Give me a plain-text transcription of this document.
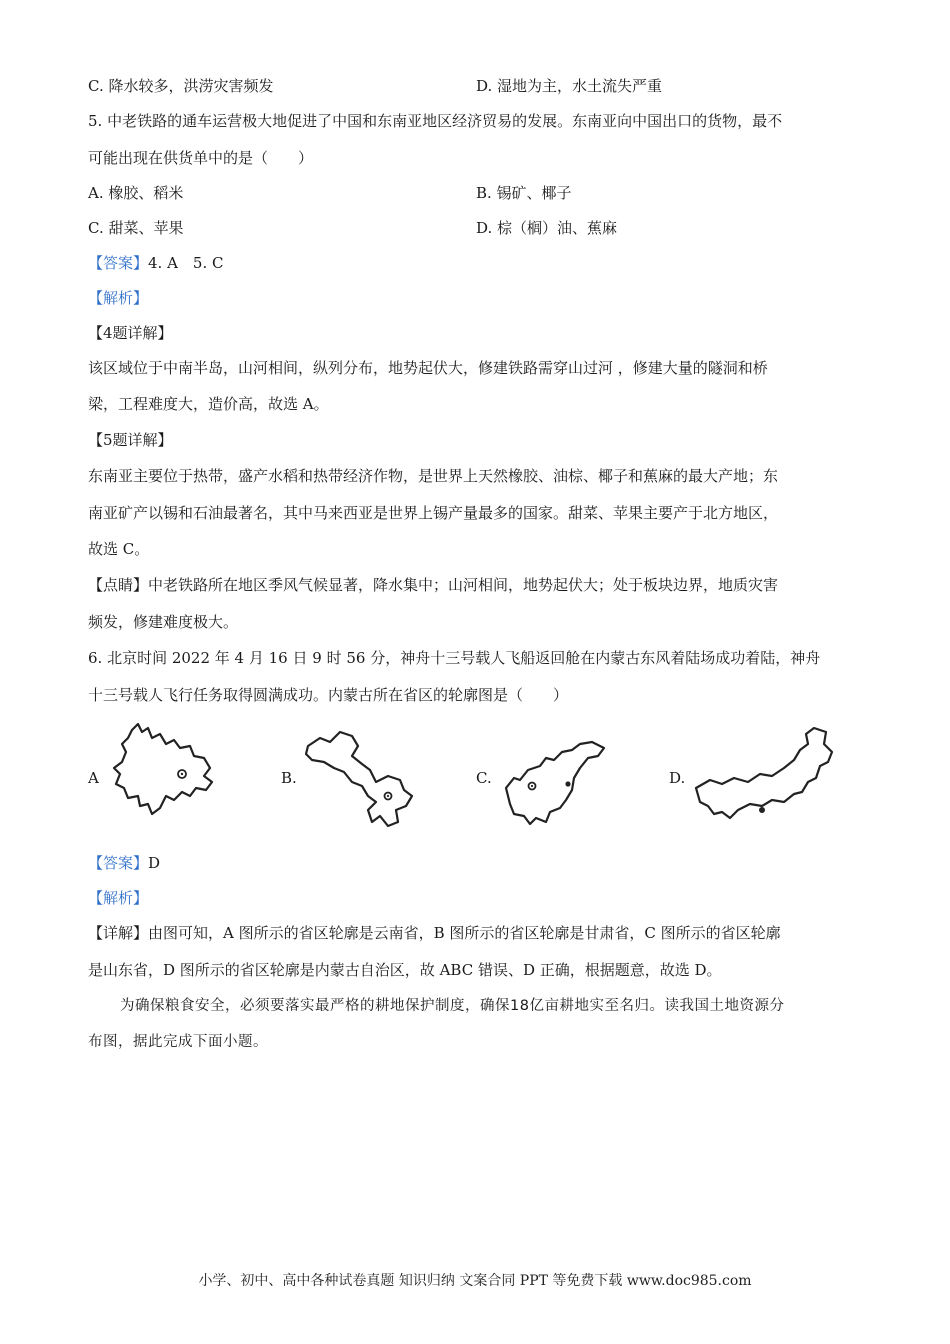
C. 降水较多，洪涝灾害频发	D. 湿地为主，水土流失严重
5. 中老铁路的通车运营极大地促进了中国和东南亚地区经济贸易的发展。东南亚向中国出口的货物，最不
可能出现在供货单中的是（　　）
A. 橡胶、稻米	B. 锡矿、椰子
C. 甜菜、苹果	D. 棕（榈）油、蕉麻
【答案】4. A　5. C
【解析】
【4题详解】
该区域位于中南半岛，山河相间，纵列分布，地势起伏大，修建铁路需穿山过河 ，修建大量的隧洞和桥
梁，工程难度大，造价高，故选 A。
【5题详解】
东南亚主要位于热带，盛产水稻和热带经济作物，是世界上天然橡胶、油棕、椰子和蕉麻的最大产地；东
南亚矿产以锡和石油最著名，其中马来西亚是世界上锡产量最多的国家。甜菜、苹果主要产于北方地区，
故选 C。
【点睛】中老铁路所在地区季风气候显著，降水集中；山河相间，地势起伏大；处于板块边界，地质灾害
频发，修建难度极大。
6. 北京时间 2022 年 4 月 16 日 9 时 56 分，神舟十三号载人飞船返回舱在内蒙古东风着陆场成功着陆，神舟
十三号载人飞行任务取得圆满成功。内蒙古所在省区的轮廓图是（　　）
A	B.	C.	D.
【答案】D
【解析】
【详解】由图可知，A 图所示的省区轮廓是云南省，B 图所示的省区轮廓是甘肃省，C 图所示的省区轮廓
是山东省，D 图所示的省区轮廓是内蒙古自治区，故 ABC 错误、D 正确，根据题意，故选 D。
为确保粮食安全，必须要落实最严格的耕地保护制度，确保18亿亩耕地实至名归。读我国土地资源分
布图，据此完成下面小题。
小学、初中、高中各种试卷真题 知识归纳 文案合同 PPT 等免费下载 www.doc985.com
